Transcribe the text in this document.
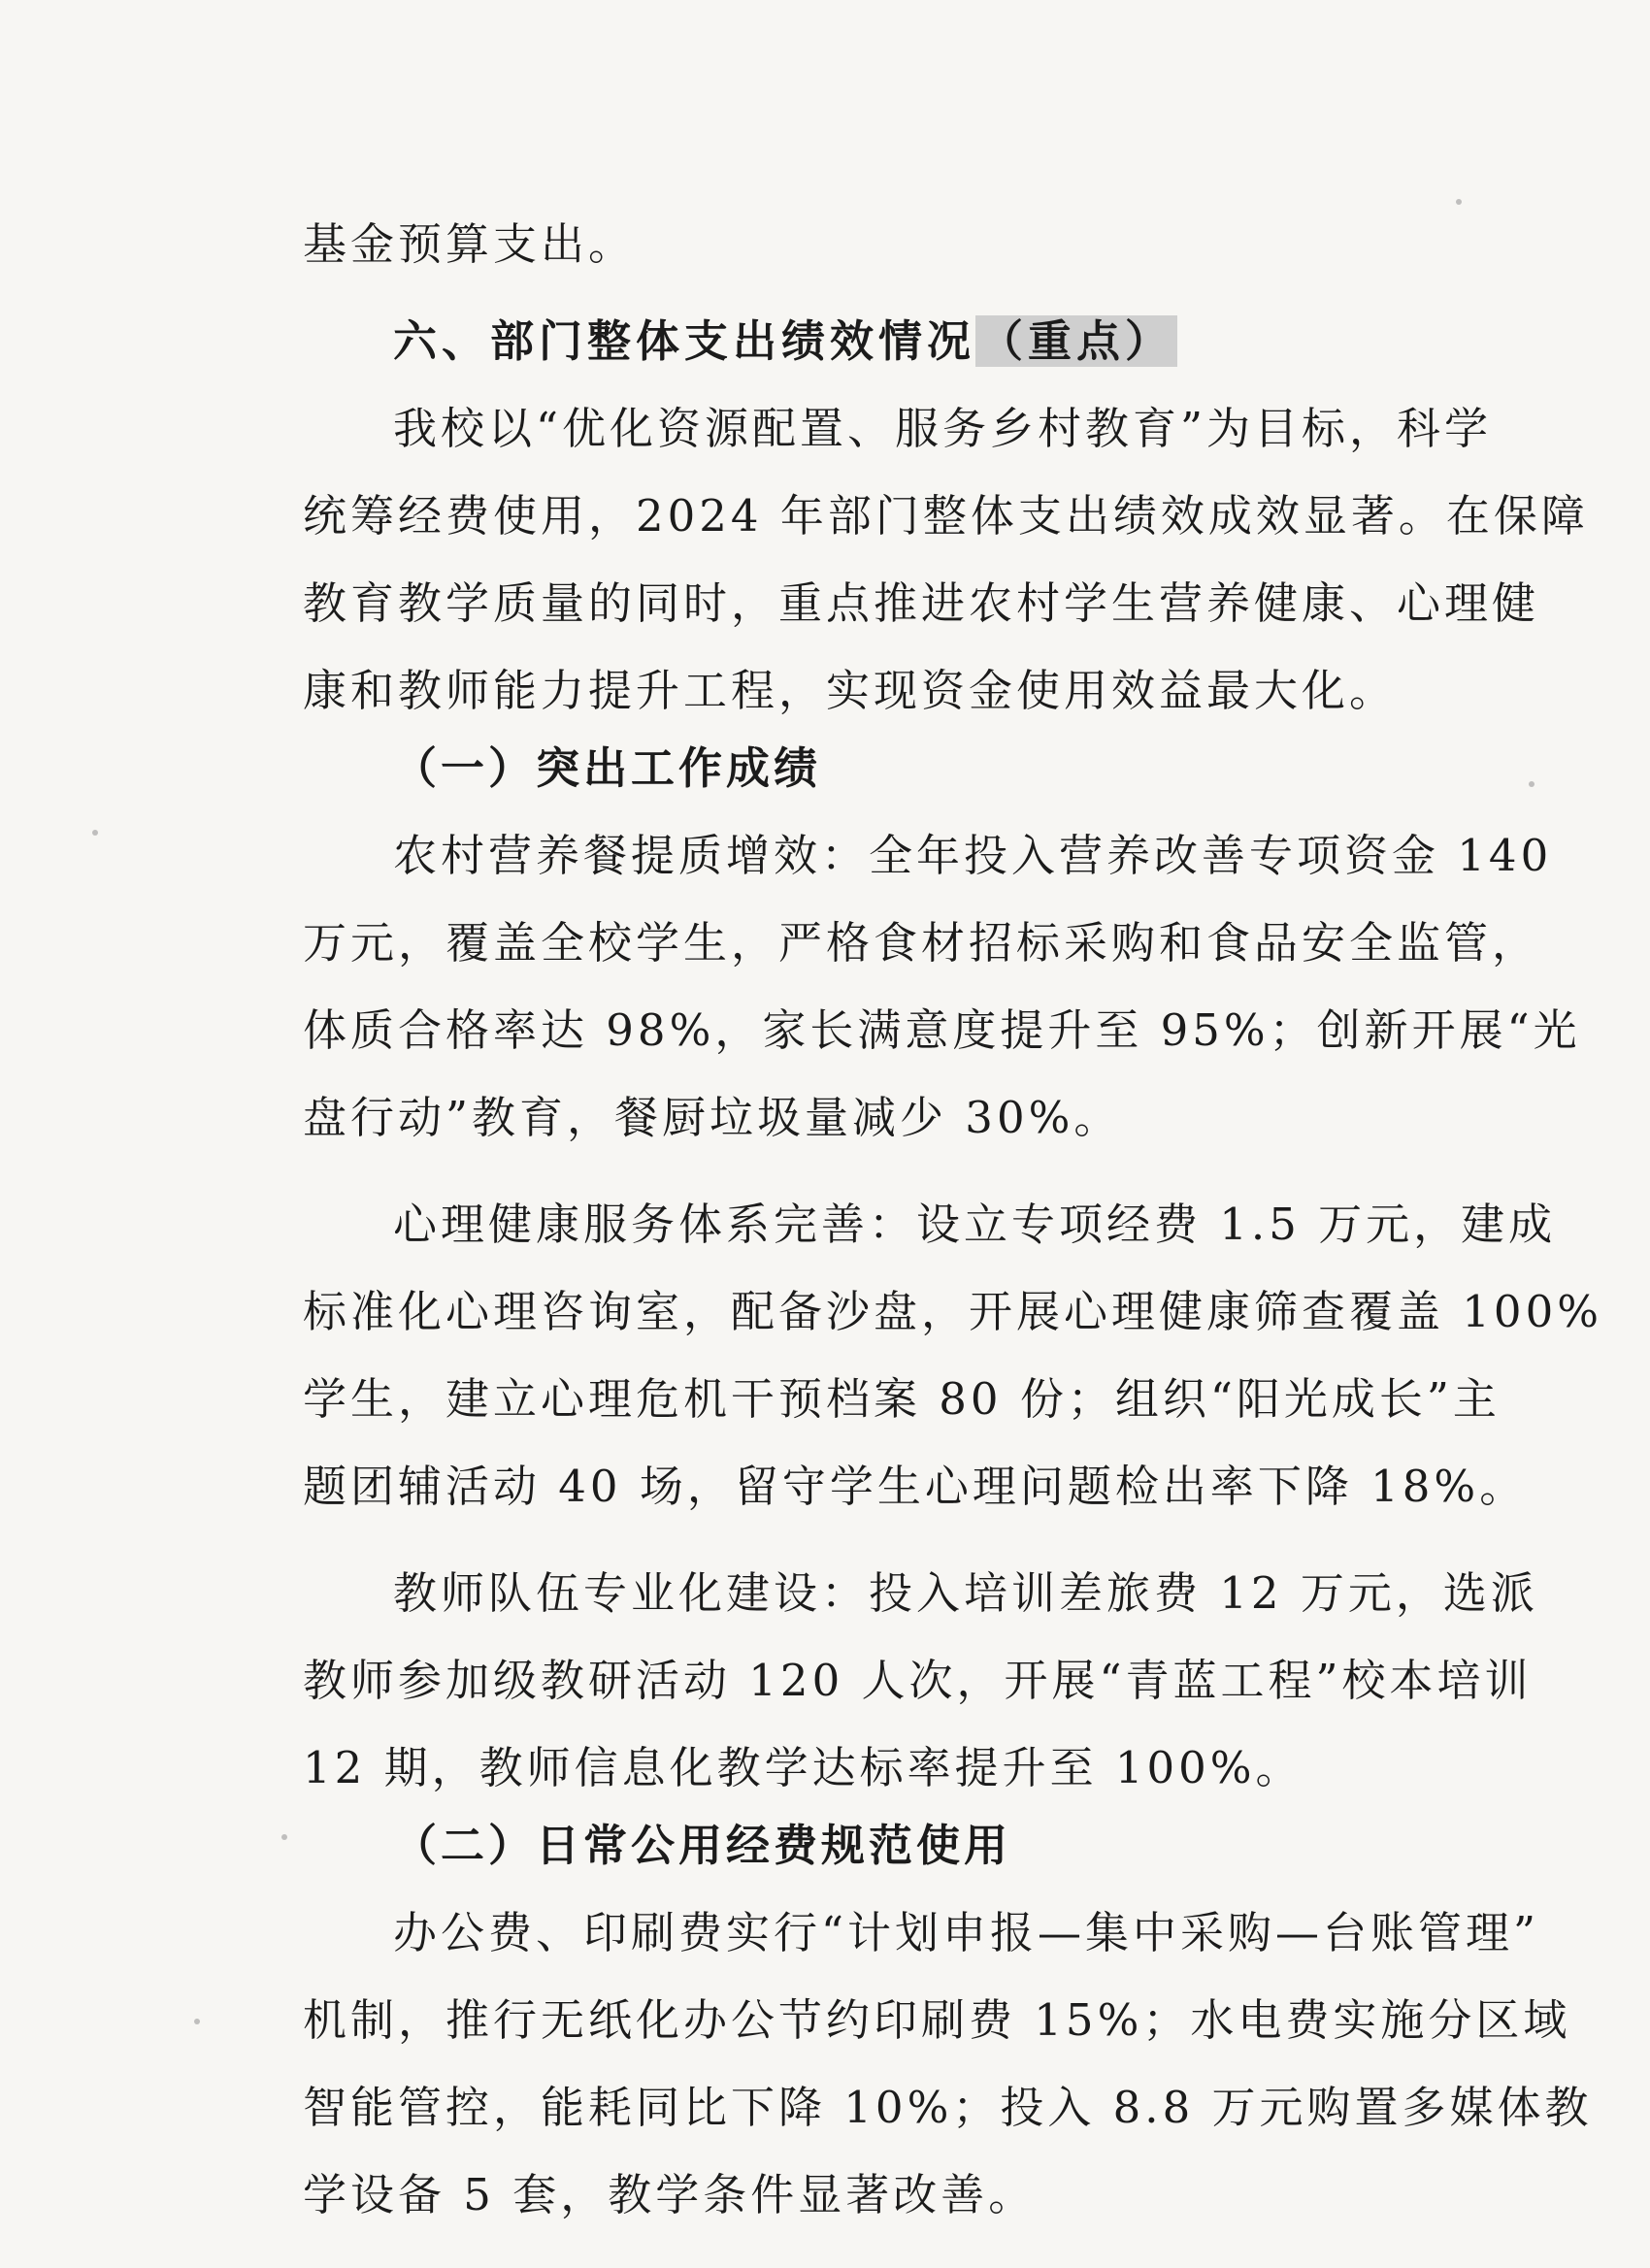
基金预算支出。
六、部门整体支出绩效情况（重点）
我校以“优化资源配置、服务乡村教育”为目标，科学
统筹经费使用，2024 年部门整体支出绩效成效显著。在保障
教育教学质量的同时，重点推进农村学生营养健康、心理健
康和教师能力提升工程，实现资金使用效益最大化。
（一）突出工作成绩
农村营养餐提质增效：全年投入营养改善专项资金 140
万元，覆盖全校学生，严格食材招标采购和食品安全监管，
体质合格率达 98%，家长满意度提升至 95%；创新开展“光
盘行动”教育，餐厨垃圾量减少 30%。
心理健康服务体系完善：设立专项经费 1.5 万元，建成
标准化心理咨询室，配备沙盘，开展心理健康筛查覆盖 100%
学生，建立心理危机干预档案 80 份；组织“阳光成长”主
题团辅活动 40 场，留守学生心理问题检出率下降 18%。
教师队伍专业化建设：投入培训差旅费 12 万元，选派
教师参加级教研活动 120 人次，开展“青蓝工程”校本培训
12 期，教师信息化教学达标率提升至 100%。
（二）日常公用经费规范使用
办公费、印刷费实行“计划申报—集中采购—台账管理”
机制，推行无纸化办公节约印刷费 15%；水电费实施分区域
智能管控，能耗同比下降 10%；投入 8.8 万元购置多媒体教
学设备 5 套，教学条件显著改善。
